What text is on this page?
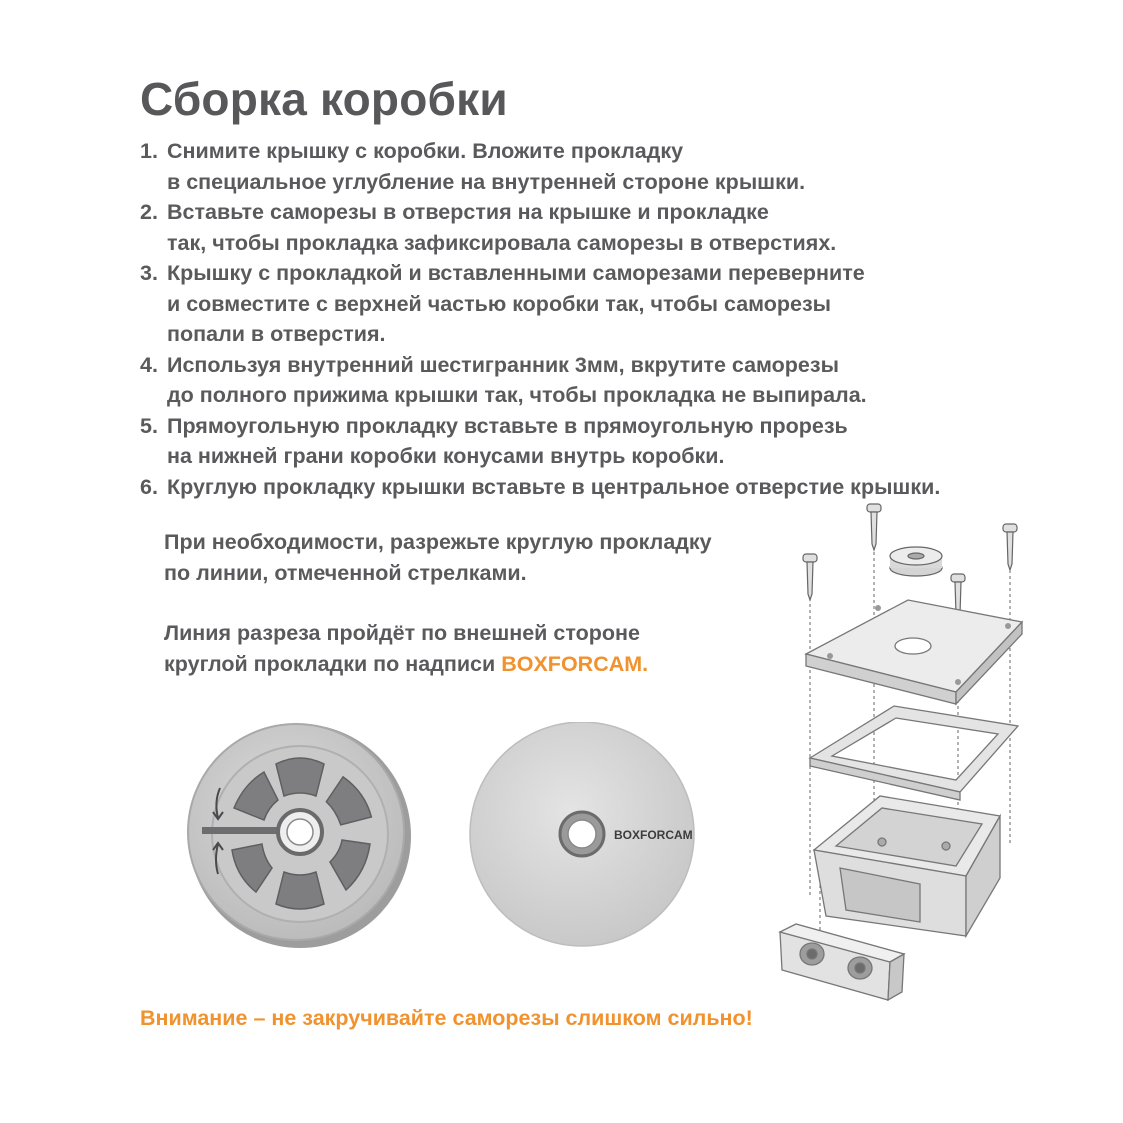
Сборка коробки
1. Снимите крышку с коробки. Вложите прокладку
в специальное углубление на внутренней стороне крышки.
2. Вставьте саморезы в отверстия на крышке и прокладке
так, чтобы прокладка зафиксировала саморезы в отверстиях.
3. Крышку с прокладкой и вставленными саморезами переверните
и совместите с верхней частью коробки так, чтобы саморезы
попали в отверстия.
4. Используя внутренний шестигранник 3мм, вкрутите саморезы
до полного прижима крышки так, чтобы прокладка не выпирала.
5. Прямоугольную прокладку вставьте в прямоугольную прорезь
на нижней грани коробки конусами внутрь коробки.
6. Круглую прокладку крышки вставьте в центральное отверстие крышки.

При необходимости, разрежьте круглую прокладку
по линии, отмеченной стрелками.

Линия разреза пройдёт по внешней стороне
круглой прокладки по надписи BOXFORCAM.

BOXFORCAM

Внимание – не закручивайте саморезы слишком сильно!
